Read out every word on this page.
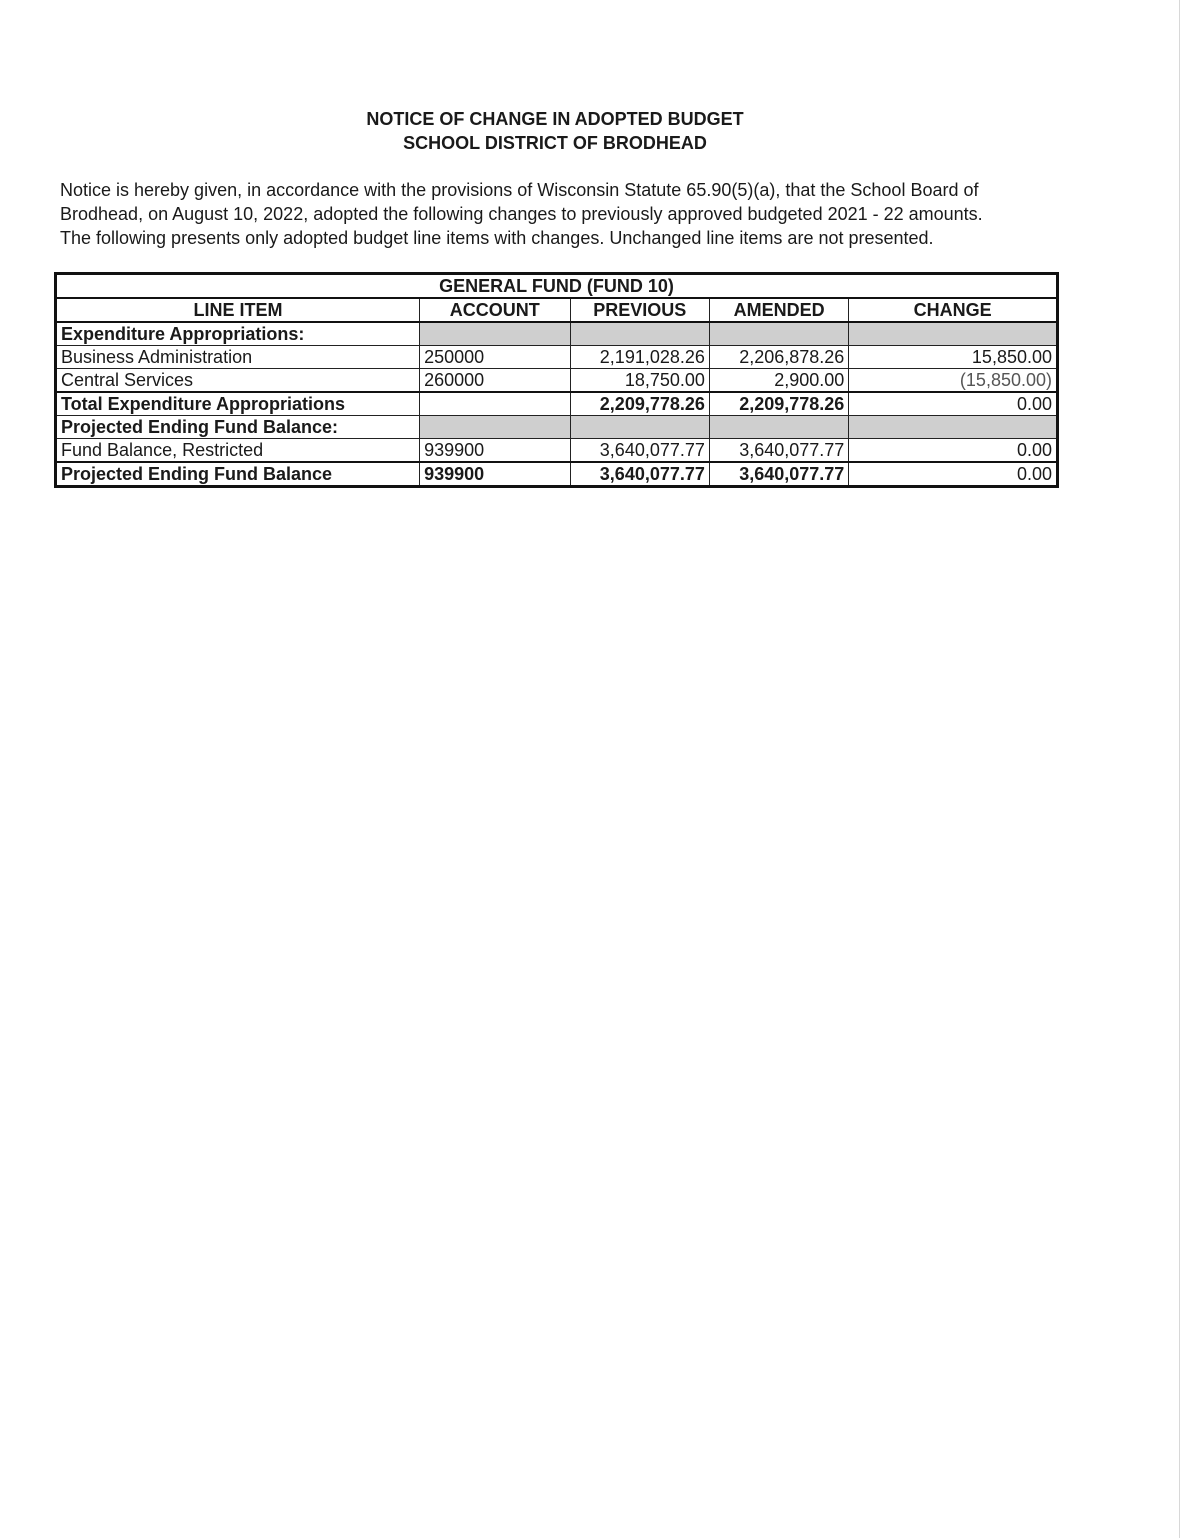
NOTICE OF CHANGE IN ADOPTED BUDGET
SCHOOL DISTRICT OF BRODHEAD
Notice is hereby given, in accordance with the provisions of Wisconsin Statute 65.90(5)(a), that the School Board of
Brodhead, on August 10, 2022, adopted the following changes to previously approved budgeted 2021 - 22 amounts.
The following presents only adopted budget line items with changes. Unchanged line items are not presented.
GENERAL FUND (FUND 10)				
LINE ITEM	ACCOUNT	PREVIOUS	AMENDED	CHANGE
Expenditure Appropriations:				
Business Administration	250000	2,191,028.26	2,206,878.26	15,850.00
Central Services	260000	18,750.00	2,900.00	(15,850.00)
Total Expenditure Appropriations		2,209,778.26	2,209,778.26	0.00
Projected Ending Fund Balance:				
Fund Balance, Restricted	939900	3,640,077.77	3,640,077.77	0.00
Projected Ending Fund Balance	939900	3,640,077.77	3,640,077.77	0.00
